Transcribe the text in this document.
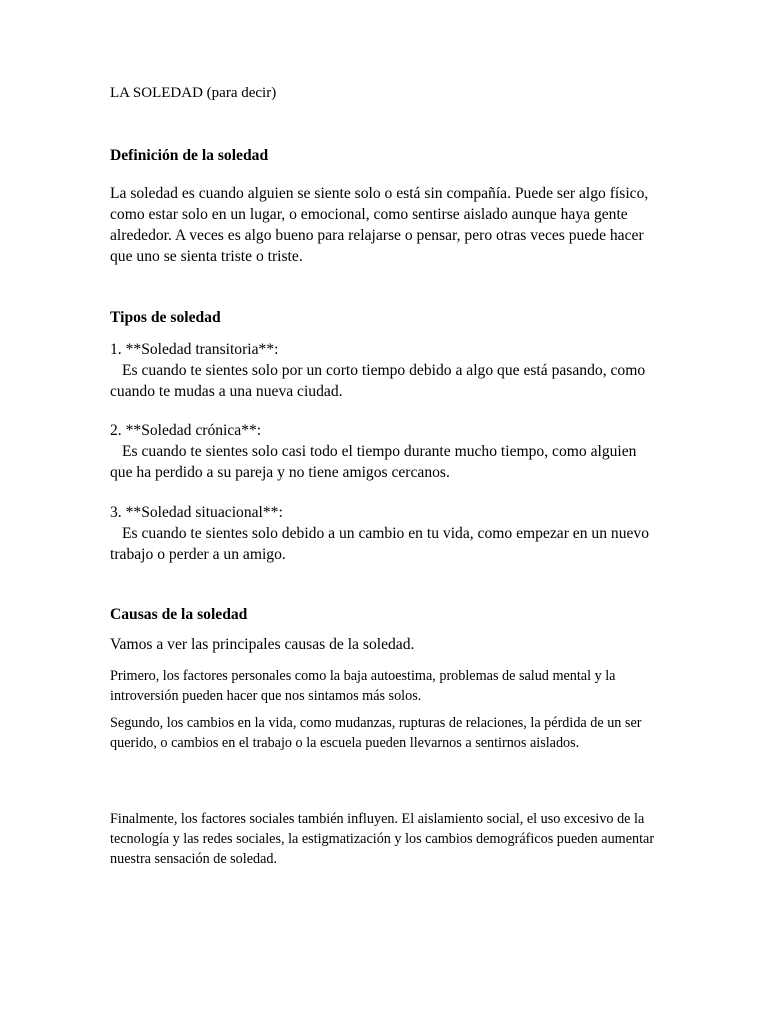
LA SOLEDAD (para decir)

Definición de la soledad

La soledad es cuando alguien se siente solo o está sin compañía. Puede ser algo físico, como estar solo en un lugar, o emocional, como sentirse aislado aunque haya gente alrededor. A veces es algo bueno para relajarse o pensar, pero otras veces puede hacer que uno se sienta triste o triste.

Tipos de soledad
1. **Soledad transitoria**:
Es cuando te sientes solo por un corto tiempo debido a algo que está pasando, como cuando te mudas a una nueva ciudad.
2. **Soledad crónica**:
Es cuando te sientes solo casi todo el tiempo durante mucho tiempo, como alguien que ha perdido a su pareja y no tiene amigos cercanos.
3. **Soledad situacional**:
Es cuando te sientes solo debido a un cambio en tu vida, como empezar en un nuevo trabajo o perder a un amigo.
Causas de la soledad

Vamos a ver las principales causas de la soledad.

Primero, los factores personales como la baja autoestima, problemas de salud mental y la introversión pueden hacer que nos sintamos más solos.

Segundo, los cambios en la vida, como mudanzas, rupturas de relaciones, la pérdida de un ser querido, o cambios en el trabajo o la escuela pueden llevarnos a sentirnos aislados.

Finalmente, los factores sociales también influyen. El aislamiento social, el uso excesivo de la tecnología y las redes sociales, la estigmatización y los cambios demográficos pueden aumentar nuestra sensación de soledad.
